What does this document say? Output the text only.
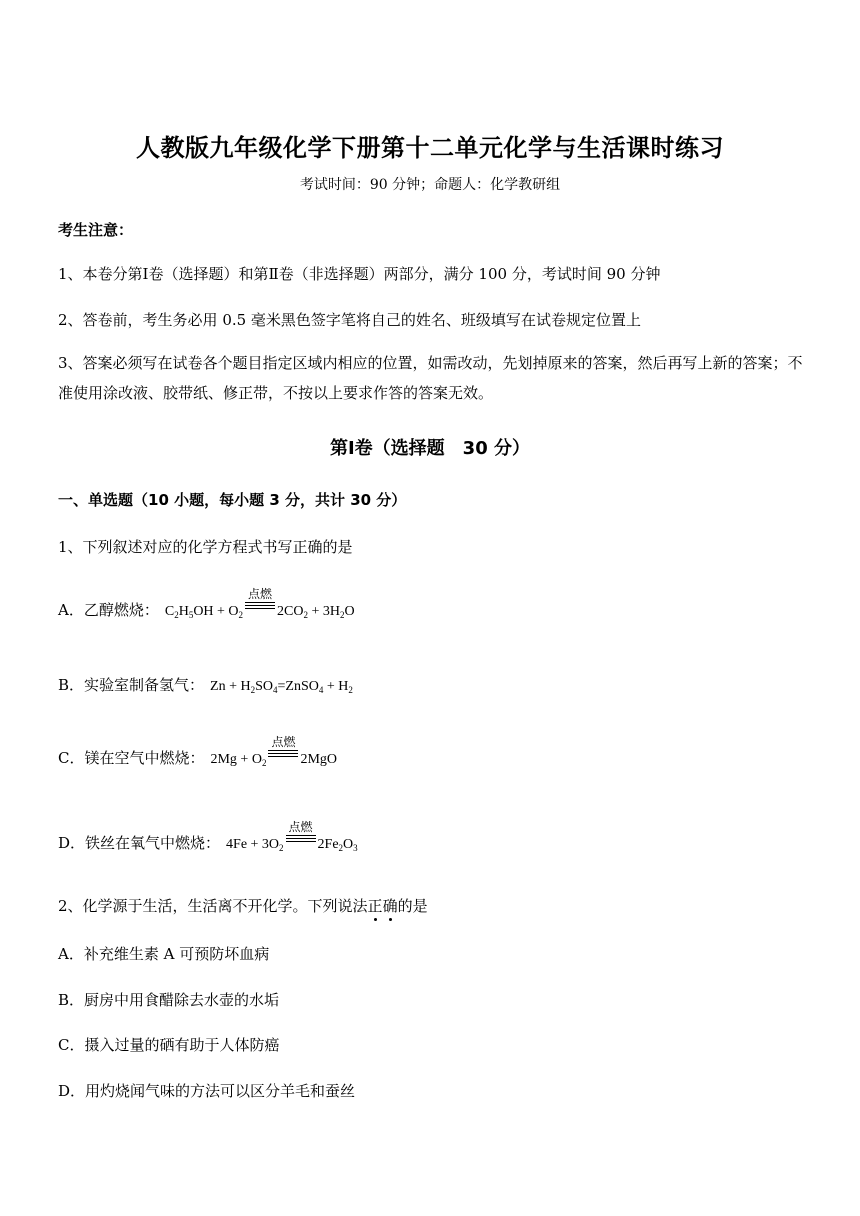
人教版九年级化学下册第十二单元化学与生活课时练习
考试时间：90 分钟；命题人：化学教研组
考生注意：
1、本卷分第Ⅰ卷（选择题）和第Ⅱ卷（非选择题）两部分，满分 100 分，考试时间 90 分钟
2、答卷前，考生务必用 0.5 毫米黑色签字笔将自己的姓名、班级填写在试卷规定位置上
3、答案必须写在试卷各个题目指定区域内相应的位置，如需改动，先划掉原来的答案，然后再写上新的答案；不准使用涂改液、胶带纸、修正带，不按以上要求作答的答案无效。
第Ⅰ卷（选择题　30 分）
一、单选题（10 小题，每小题 3 分，共计 30 分）
1、下列叙述对应的化学方程式书写正确的是
A．乙醇燃烧： $C_2H_5OH + O_2$
点燃
$2CO_2 + 3H_2O$
B．实验室制备氢气： $Zn + H_2SO_4=ZnSO_4 + H_2$
C．镁在空气中燃烧： $2Mg + O_2$
点燃
2MgO
D．铁丝在氧气中燃烧： $4Fe + 3O_2$
点燃
$2Fe_2O_3$
2、化学源于生活，生活离不开化学。下列说法正确的是
A．补充维生素 A 可预防坏血病
B．厨房中用食醋除去水壶的水垢
C．摄入过量的硒有助于人体防癌
D．用灼烧闻气味的方法可以区分羊毛和蚕丝
